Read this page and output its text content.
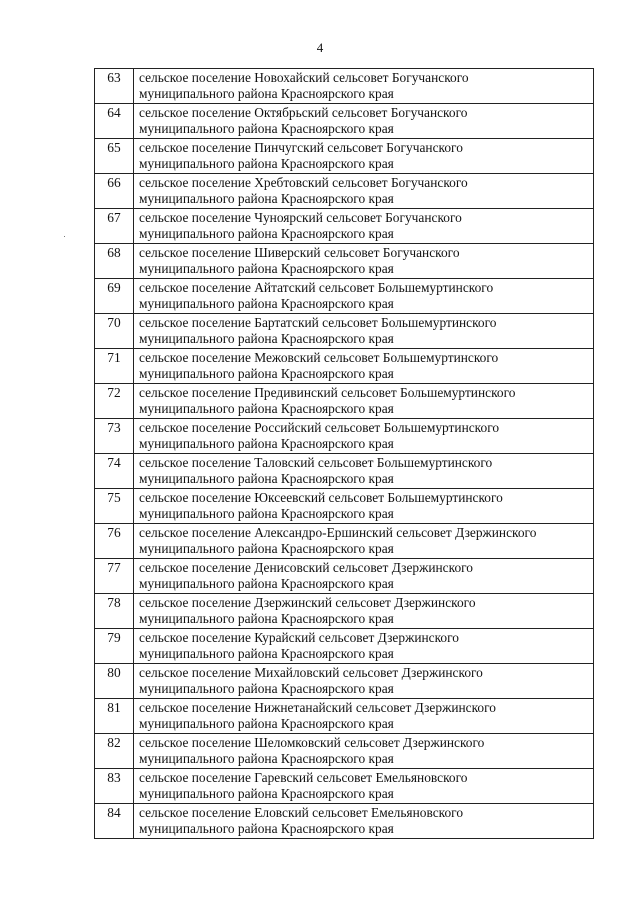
4
63	сельское поселение Новохайский сельсовет Богучанского
муниципального района Красноярского края

64	сельское поселение Октябрьский сельсовет Богучанского
муниципального района Красноярского края

65	сельское поселение Пинчугский сельсовет Богучанского
муниципального района Красноярского края

66	сельское поселение Хребтовский сельсовет Богучанского
муниципального района Красноярского края

67	сельское поселение Чуноярский сельсовет Богучанского
муниципального района Красноярского края

68	сельское поселение Шиверский сельсовет Богучанского
муниципального района Красноярского края

69	сельское поселение Айтатский сельсовет Большемуртинского
муниципального района Красноярского края

70	сельское поселение Бартатский сельсовет Большемуртинского
муниципального района Красноярского края

71	сельское поселение Межовский сельсовет Большемуртинского
муниципального района Красноярского края

72	сельское поселение Предивинский сельсовет Большемуртинского
муниципального района Красноярского края

73	сельское поселение Российский сельсовет Большемуртинского
муниципального района Красноярского края

74	сельское поселение Таловский сельсовет Большемуртинского
муниципального района Красноярского края

75	сельское поселение Юксеевский сельсовет Большемуртинского
муниципального района Красноярского края

76	сельское поселение Александро-Ершинский сельсовет Дзержинского
муниципального района Красноярского края

77	сельское поселение Денисовский сельсовет Дзержинского
муниципального района Красноярского края

78	сельское поселение Дзержинский сельсовет Дзержинского
муниципального района Красноярского края

79	сельское поселение Курайский сельсовет Дзержинского
муниципального района Красноярского края

80	сельское поселение Михайловский сельсовет Дзержинского
муниципального района Красноярского края

81	сельское поселение Нижнетанайский сельсовет Дзержинского
муниципального района Красноярского края

82	сельское поселение Шеломковский сельсовет Дзержинского
муниципального района Красноярского края

83	сельское поселение Гаревский сельсовет Емельяновского
муниципального района Красноярского края

84	сельское поселение Еловский сельсовет Емельяновского
муниципального района Красноярского края
